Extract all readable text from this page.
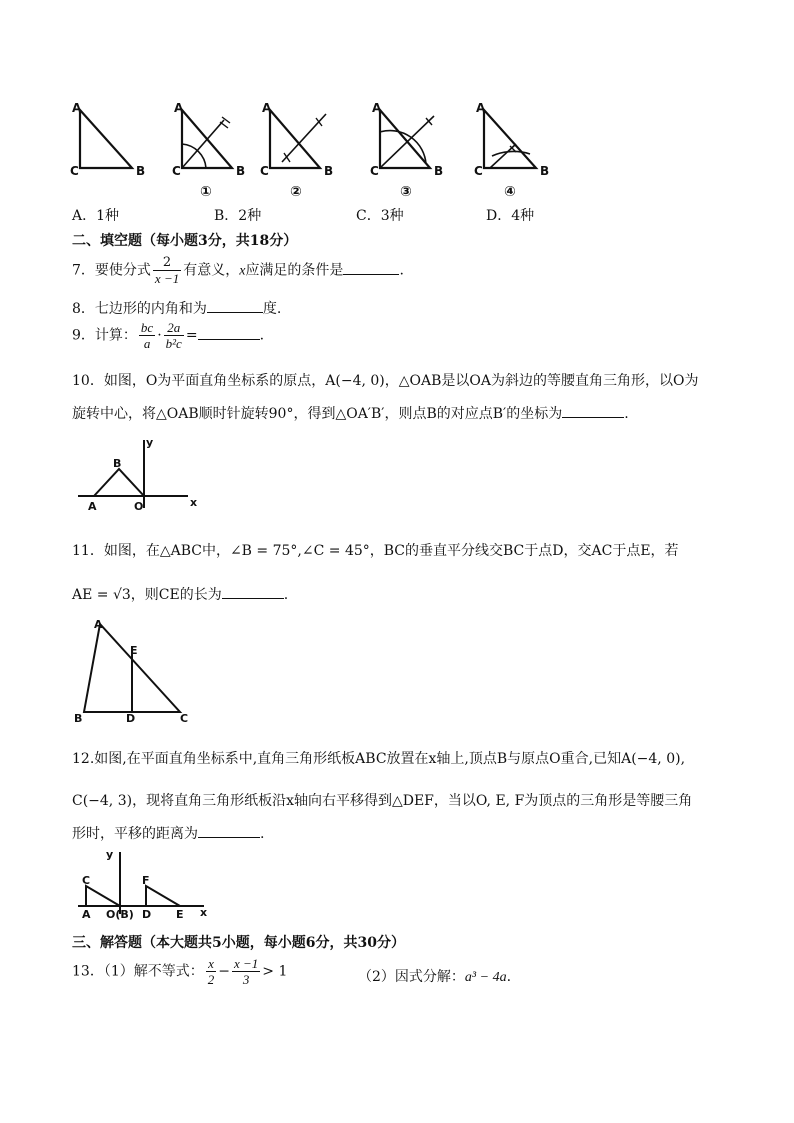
A
C	B
A
C	B
A
C	B
A
C	B
A
C	B
①	②	③	④
A．1种	B．2种	C．3种	D．4种
二、填空题（每小题3分，共18分）
7．要使分式 $\frac{2}{x -1}$ 有意义，x应满足的条件是	.
8．七边形的内角和为	度.
9．计算： $\frac{bc}{a} \cdot \frac{2a}{\text{b²c}}$ =	.
10．如图，O为平面直角坐标系的原点，A(−4, 0)，△OAB是以OA为斜边的等腰直角三角形，以O为
旋转中心，将△OAB顺时针旋转90°，得到△OA′B′，则点B的对应点B′的坐标为	.
y
x
B
A	O
11．如图，在△ABC中，∠B = 75°,∠C = 45°，BC的垂直平分线交BC于点D，交AC于点E，若
AE = √3，则CE的长为	.
A
E
B	D	C
12.如图,在平面直角坐标系中,直角三角形纸板ABC放置在x轴上,顶点B与原点O重合,已知A(−4, 0),
C(−4, 3)，现将直角三角形纸板沿x轴向右平移得到△DEF，当以O, E, F为顶点的三角形是等腰三角
形时，平移的距离为	.
y
x
C	F
A O(B) D E
三、解答题（本大题共5小题，每小题6分，共30分）
13．（1）解不等式： $\frac{x}{2} - \frac{x -1}{3} > 1$	（2）因式分解：a³ − 4a.
